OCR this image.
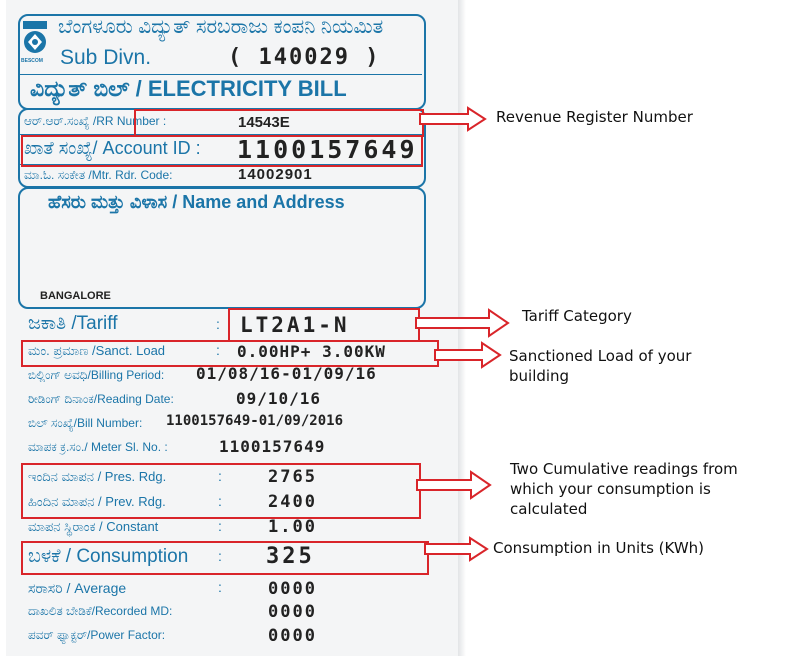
BESCOM
ಬೆಂಗಳೂರು ವಿದ್ಯುತ್ ಸರಬರಾಜು ಕಂಪನಿ ನಿಯಮಿತ
Sub Divn.	( 140029 )
ವಿದ್ಯುತ್ ಬಿಲ್ / ELECTRICITY BILL
ಆರ್.ಆರ್.ಸಂಖ್ಯೆ /RR Number :	14543E
ಖಾತೆ ಸಂಖ್ಯೆ/ Account ID : 1100157649
ಮಾ.ಓ. ಸಂಕೇತ /Mtr. Rdr. Code:	14002901
ಹೆಸರು ಮತ್ತು ವಿಳಾಸ / Name and Address
BANGALORE
ಜಕಾತಿ /Tariff	: LT2A1-N
ಮಂ. ಪ್ರಮಾಣ /Sanct. Load	: 0.00HP+ 3.00KW
ಬಿಲ್ಲಿಂಗ್ ಅವಧಿ/Billing Period: 01/08/16-01/09/16
ರೀಡಿಂಗ್ ದಿನಾಂಕ/Reading Date:	09/10/16
ಬಿಲ್ ಸಂಖ್ಯೆ/Bill Number: 1100157649-01/09/2016
ಮಾಪಕ ಕ್ರ.ಸಂ./ Meter Sl. No. :	1100157649
ಇಂದಿನ ಮಾಪನ / Pres. Rdg.	:	2765
ಹಿಂದಿನ ಮಾಪನ / Prev. Rdg.	:	2400
ಮಾಪನ ಸ್ಥಿರಾಂಕ / Constant	:	1.00
ಬಳಕೆ / Consumption : 325
ಸರಾಸರಿ / Average	:	0000
ದಾಖಲಿತ ಬೇಡಿಕೆ/Recorded MD:	0000
ಪವರ್ ಫ್ಯಾಕ್ಟರ್/Power Factor:	0000
Revenue Register Number
Tariff Category
Sanctioned Load of your
building
Two Cumulative readings from
which your consumption is
calculated
Consumption in Units (KWh)
